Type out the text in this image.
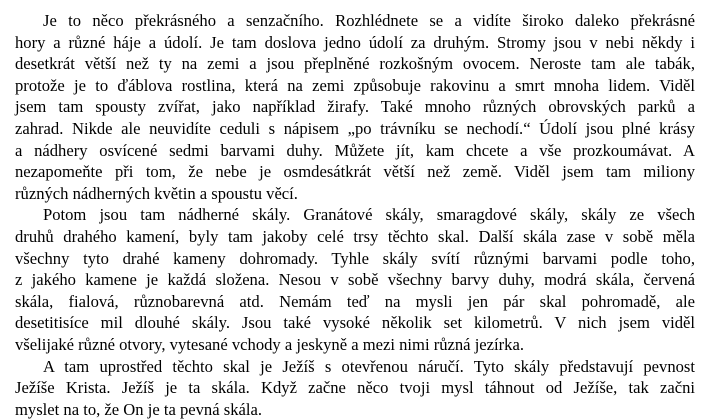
Je to něco překrásného a senzačního. Rozhlédnete se a vidíte široko daleko překrásné
hory a různé háje a údolí. Je tam doslova jedno údolí za druhým. Stromy jsou v nebi někdy i
desetkrát větší než ty na zemi a jsou přeplněné rozkošným ovocem. Neroste tam ale tabák,
protože je to ďáblova rostlina, která na zemi způsobuje rakovinu a smrt mnoha lidem. Viděl
jsem tam spousty zvířat, jako například žirafy. Také mnoho různých obrovských parků a
zahrad. Nikde ale neuvidíte ceduli s nápisem „po trávníku se nechodí.“ Údolí jsou plné krásy
a nádhery osvícené sedmi barvami duhy. Můžete jít, kam chcete a vše prozkoumávat. A
nezapomeňte při tom, že nebe je osmdesátkrát větší než země. Viděl jsem tam miliony
různých nádherných květin a spoustu věcí.
Potom jsou tam nádherné skály. Granátové skály, smaragdové skály, skály ze všech
druhů drahého kamení, byly tam jakoby celé trsy těchto skal. Další skála zase v sobě měla
všechny tyto drahé kameny dohromady. Tyhle skály svítí různými barvami podle toho,
z jakého kamene je každá složena. Nesou v sobě všechny barvy duhy, modrá skála, červená
skála, fialová, různobarevná atd. Nemám teď na mysli jen pár skal pohromadě, ale
desetitisíce mil dlouhé skály. Jsou také vysoké několik set kilometrů. V nich jsem viděl
všelijaké různé otvory, vytesané vchody a jeskyně a mezi nimi různá jezírka.
A tam uprostřed těchto skal je Ježíš s otevřenou náručí. Tyto skály představují pevnost
Ježíše Krista. Ježíš je ta skála. Když začne něco tvoji mysl táhnout od Ježíše, tak začni
myslet na to, že On je ta pevná skála.
